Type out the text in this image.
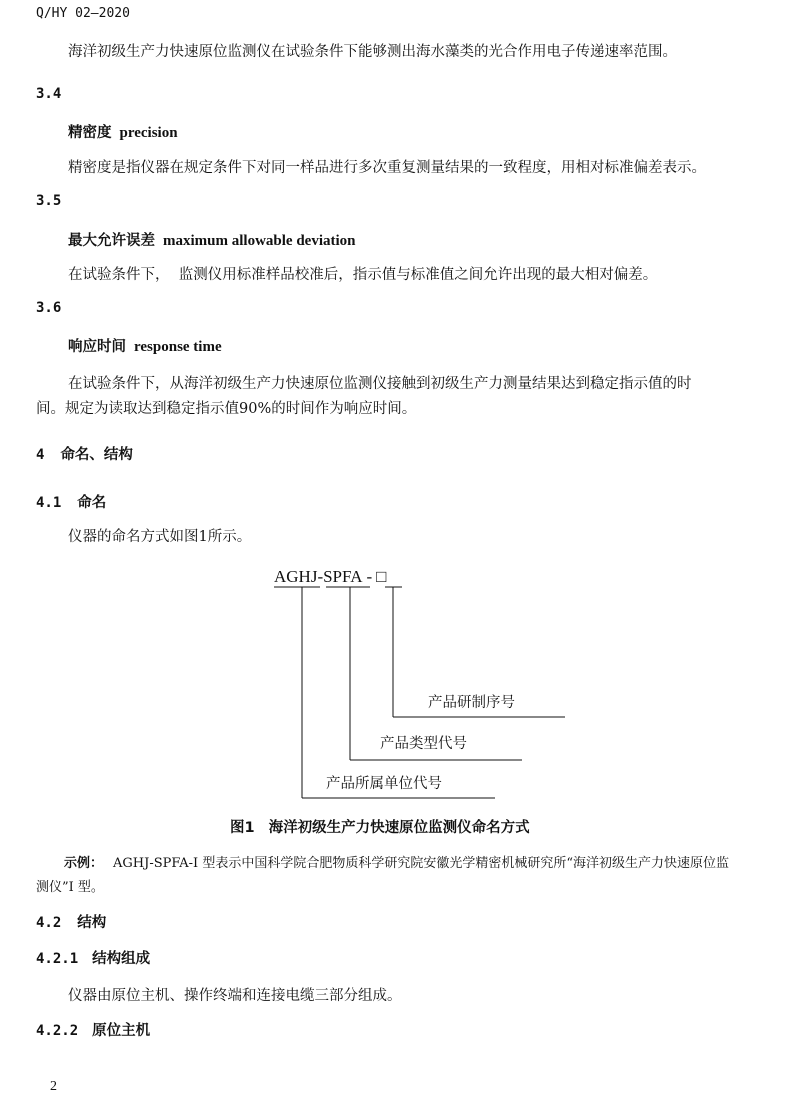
Q/HY 02—2020
海洋初级生产力快速原位监测仪在试验条件下能够测出海水藻类的光合作用电子传递速率范围。
3.4
精密度 precision
精密度是指仪器在规定条件下对同一样品进行多次重复测量结果的一致程度，用相对标准偏差表示。
3.5
最大允许误差 maximum allowable deviation
在试验条件下，  监测仪用标准样品校准后，指示值与标准值之间允许出现的最大相对偏差。
3.6
响应时间 response time
在试验条件下，从海洋初级生产力快速原位监测仪接触到初级生产力测量结果达到稳定指示值的时
间。规定为读取达到稳定指示值90%的时间作为响应时间。
4 命名、结构
4.1 命名
仪器的命名方式如图1所示。
AGHJ-SPFA - □
产品研制序号
产品类型代号
产品所属单位代号
图1 海洋初级生产力快速原位监测仪命名方式
示例： AGHJ-SPFA-I 型表示中国科学院合肥物质科学研究院安徽光学精密机械研究所“海洋初级生产力快速原位监
测仪”I 型。
4.2 结构
4.2.1 结构组成
仪器由原位主机、操作终端和连接电缆三部分组成。
4.2.2 原位主机
2
